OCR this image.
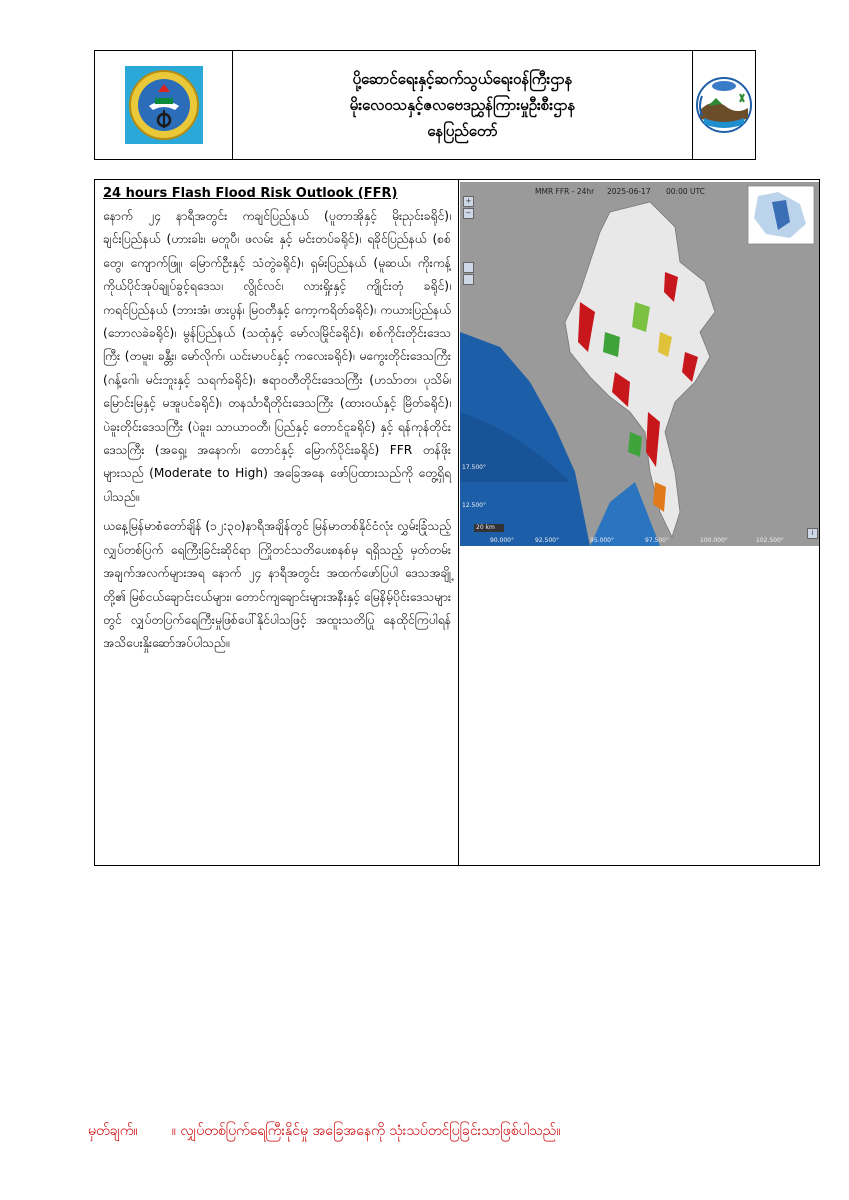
ပို့ဆောင်ရေးနှင့်ဆက်သွယ်ရေးဝန်ကြီးဌာန
မိုးလေဝသနှင့်ဇလဗေဒညွှန်ကြားမှုဦးစီးဌာန
နေပြည်တော်

24 hours Flash Flood Risk Outlook (FFR)

နောက် ၂၄ နာရီအတွင်း ကချင်ပြည်နယ် (ပူတာအိုနှင့် မိုးညှင်းခရိုင်)၊ ချင်းပြည်နယ် (ဟားခါး၊ မတူပီ၊ ဖလမ်း နှင့် မင်းတပ်ခရိုင်)၊ ရခိုင်ပြည်နယ် (စစ်တွေ၊ ကျောက်ဖြူ၊ မြောက်ဦးနှင့် သံတွဲခရိုင်)၊ ရှမ်းပြည်နယ် (မူဆယ်၊ ကိုးကန့် ကိုယ်ပိုင်အုပ်ချုပ်ခွင့်ရဒေသ၊ လွိုင်လင်၊ လားရှိုးနှင့် ကျိုင်းတုံ ခရိုင်)၊ ကရင်ပြည်နယ် (ဘားအံ၊ ဖားပွန်၊ မြဝတီနှင့် ကော့ကရိတ်ခရိုင်)၊ ကယားပြည်နယ် (ဘောလခဲခရိုင်)၊ မွန်ပြည်နယ် (သထုံနှင့် မော်လမြိုင်ခရိုင်)၊ စစ်ကိုင်းတိုင်းဒေသကြီး (တမူး၊ ခန္တီး၊ မော်လိုက်၊ ယင်းမာပင်နှင့် ကလေးခရိုင်)၊ မကွေးတိုင်းဒေသကြီး (ဂန့်ဂေါ၊ မင်းဘူးနှင့် သရက်ခရိုင်)၊ ဧရာဝတီတိုင်းဒေသကြီး (ဟသ်ာတ၊ ပုသိမ်၊ မြောင်းမြနှင့် မအူပင်ခရိုင်)၊ တနင်္သာရီတိုင်းဒေသကြီး (ထားဝယ်နှင့် မြိတ်ခရိုင်)၊ ပဲခူးတိုင်းဒေသကြီး (ပဲခူး၊ သာယာဝတီ၊ ပြည်နှင့် တောင်ငူခရိုင်) နှင့် ရန်ကုန်တိုင်းဒေသကြီး (အရှေ့၊ အနောက်၊ တောင်နှင့် မြောက်ပိုင်းခရိုင်) FFR တန်ဖိုးများသည် (Moderate to High) အခြေအနေ ဖော်ပြထားသည်ကို တွေ့ရှိရပါသည်။

ယနေ့မြန်မာစံတော်ချိန် (၁၂:၃၀)နာရီအချိန်တွင် မြန်မာတစ်နိုင်ငံလုံး လွှမ်းခြုံသည့် လျှပ်တစ်ပြက် ရေကြီးခြင်းဆိုင်ရာ ကြိုတင်သတိပေးစနစ်မှ ရရှိသည့် မှတ်တမ်းအချက်အလက်များအရ နောက် ၂၄ နာရီအတွင်း အထက်ဖော်ပြပါ ဒေသအချို့တို့၏ မြစ်ငယ်ချောင်းငယ်များ၊ တောင်ကျချောင်းများအနီးနှင့် မြေနိမ့်ပိုင်းဒေသများတွင် လျှပ်တပြက်ရေကြီးမှုဖြစ်ပေါ်နိုင်ပါသဖြင့် အထူးသတိပြု နေထိုင်ကြပါရန် အသိပေးနှိုးဆော်အပ်ပါသည်။

+
−
i
MMR FFR - 24hr 2025-06-17 00:00 UTC
20 km
17.500°
12.500°
90.000°	92.500°	95.000°	97.500°	100.000°	102.500°
မှတ်ချက်။ ။ လျှပ်တစ်ပြက်ရေကြီးနိုင်မှု အခြေအနေကို သုံးသပ်တင်ပြခြင်းသာဖြစ်ပါသည်။
